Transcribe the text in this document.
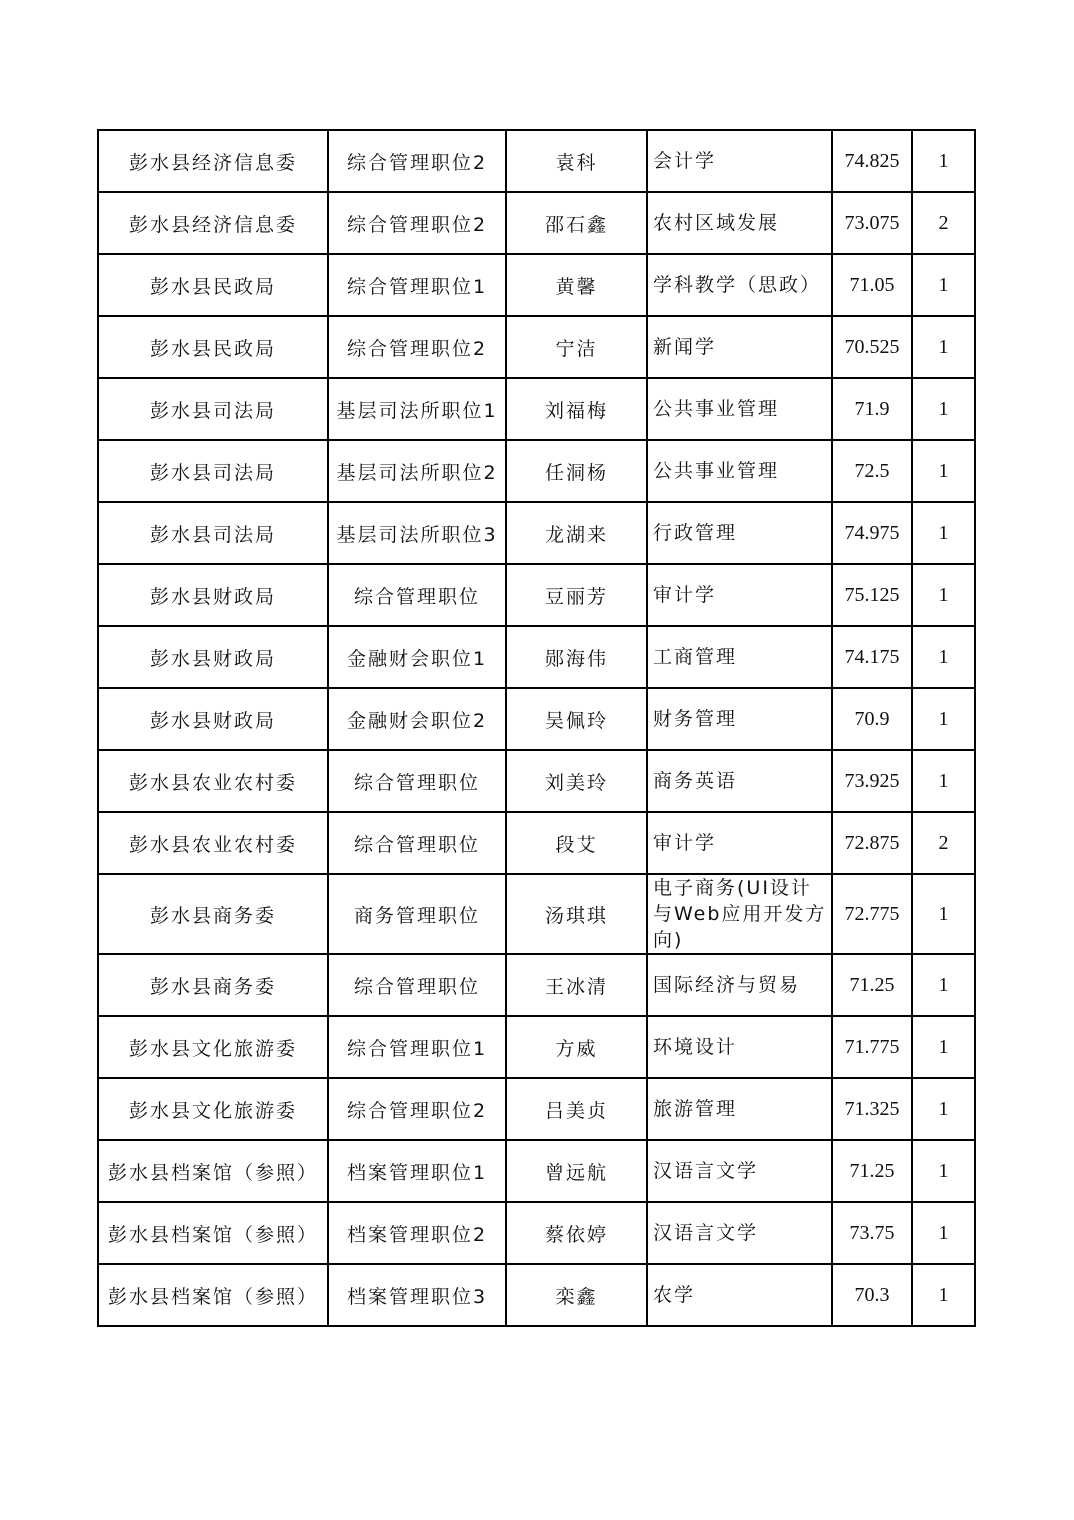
彭水县经济信息委	综合管理职位2	袁科	会计学	74.825	1
彭水县经济信息委	综合管理职位2	邵石鑫	农村区域发展	73.075	2
彭水县民政局	综合管理职位1	黄馨	学科教学（思政）	71.05	1
彭水县民政局	综合管理职位2	宁洁	新闻学	70.525	1
彭水县司法局	基层司法所职位1	刘福梅	公共事业管理	71.9	1
彭水县司法局	基层司法所职位2	任洞杨	公共事业管理	72.5	1
彭水县司法局	基层司法所职位3	龙湖来	行政管理	74.975	1
彭水县财政局	综合管理职位	豆丽芳	审计学	75.125	1
彭水县财政局	金融财会职位1	郧海伟	工商管理	74.175	1
彭水县财政局	金融财会职位2	吴佩玲	财务管理	70.9	1
彭水县农业农村委	综合管理职位	刘美玲	商务英语	73.925	1
彭水县农业农村委	综合管理职位	段艾	审计学	72.875	2
彭水县商务委	商务管理职位	汤琪琪	电子商务(UI设计与Web应用开发方向)	72.775	1
彭水县商务委	综合管理职位	王冰清	国际经济与贸易	71.25	1
彭水县文化旅游委	综合管理职位1	方威	环境设计	71.775	1
彭水县文化旅游委	综合管理职位2	吕美贞	旅游管理	71.325	1
彭水县档案馆（参照）	档案管理职位1	曾远航	汉语言文学	71.25	1
彭水县档案馆（参照）	档案管理职位2	蔡依婷	汉语言文学	73.75	1
彭水县档案馆（参照）	档案管理职位3	栾鑫	农学	70.3	1
